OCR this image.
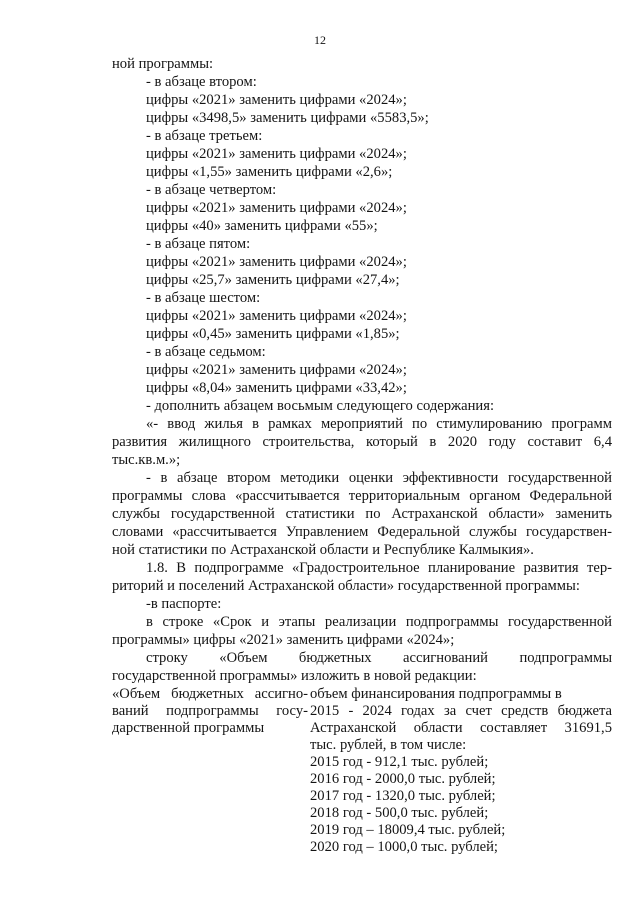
12
ной программы:
- в абзаце втором:
цифры «2021» заменить цифрами «2024»;
цифры «3498,5» заменить цифрами «5583,5»;
- в абзаце третьем:
цифры «2021» заменить цифрами «2024»;
цифры «1,55» заменить цифрами «2,6»;
- в абзаце четвертом:
цифры «2021» заменить цифрами «2024»;
цифры «40» заменить цифрами «55»;
- в абзаце пятом:
цифры «2021» заменить цифрами «2024»;
цифры «25,7» заменить цифрами «27,4»;
- в абзаце шестом:
цифры «2021» заменить цифрами «2024»;
цифры «0,45» заменить цифрами «1,85»;
- в абзаце седьмом:
цифры «2021» заменить цифрами «2024»;
цифры «8,04» заменить цифрами «33,42»;
- дополнить абзацем восьмым следующего содержания:
«- ввод жилья в рамках мероприятий по стимулированию программ
развития жилищного строительства, который в 2020 году составит 6,4
тыс.кв.м.»;
- в абзаце втором методики оценки эффективности государственной
программы слова «рассчитывается территориальным органом Федеральной
службы государственной статистики по Астраханской области» заменить
словами «рассчитывается Управлением Федеральной службы государствен-
ной статистики по Астраханской области и Республике Калмыкия».
1.8. В подпрограмме «Градостроительное планирование развития тер-
риторий и поселений Астраханской области» государственной программы:
-в паспорте:
в строке «Срок и этапы реализации подпрограммы государственной
программы» цифры «2021» заменить цифрами «2024»;
строку «Объем бюджетных ассигнований подпрограммы
государственной программы» изложить в новой редакции:
«Объем бюджетных ассигно-
ваний подпрограммы госу-
дарственной программы
объем финансирования подпрограммы в
2015 - 2024 годах за счет средств бюджета
Астраханской области составляет 31691,5
тыс. рублей, в том числе:
2015 год - 912,1 тыс. рублей;
2016 год - 2000,0 тыс. рублей;
2017 год - 1320,0 тыс. рублей;
2018 год - 500,0 тыс. рублей;
2019 год – 18009,4 тыс. рублей;
2020 год – 1000,0 тыс. рублей;
